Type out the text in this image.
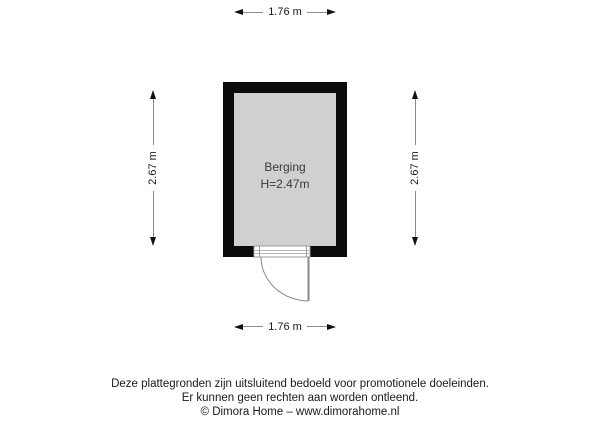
Berging
H=2.47m
1.76 m
1.76 m
2.67 m	2.67 m
Deze plattegronden zijn uitsluitend bedoeld voor promotionele doeleinden.
Er kunnen geen rechten aan worden ontleend.
© Dimora Home – www.dimorahome.nl
